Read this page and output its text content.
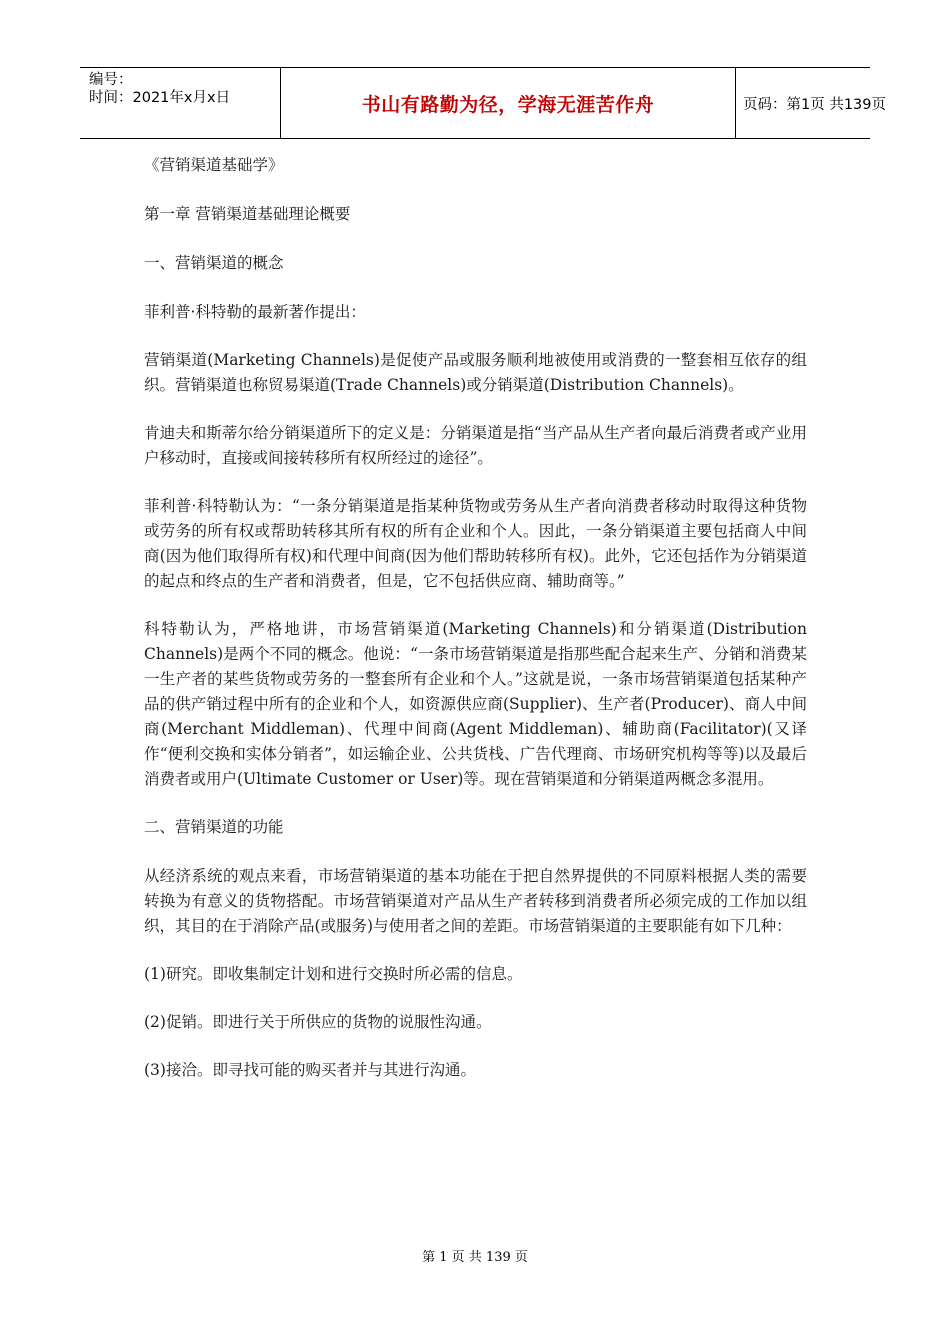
编号：
时间：2021年x月x日	书山有路勤为径，学海无涯苦作舟	页码：第1页 共139页

《营销渠道基础学》

第一章 营销渠道基础理论概要

一、营销渠道的概念

菲利普·科特勒的最新著作提出：

营销渠道(Marketing Channels)是促使产品或服务顺利地被使用或消费的一整套相互依存的组织。营销渠道也称贸易渠道(Trade Channels)或分销渠道(Distribution Channels)。

肯迪夫和斯蒂尔给分销渠道所下的定义是：分销渠道是指“当产品从生产者向最后消费者或产业用户移动时，直接或间接转移所有权所经过的途径”。

菲利普·科特勒认为：“一条分销渠道是指某种货物或劳务从生产者向消费者移动时取得这种货物或劳务的所有权或帮助转移其所有权的所有企业和个人。因此，一条分销渠道主要包括商人中间商(因为他们取得所有权)和代理中间商(因为他们帮助转移所有权)。此外，它还包括作为分销渠道的起点和终点的生产者和消费者，但是，它不包括供应商、辅助商等。”

科特勒认为，严格地讲，市场营销渠道(Marketing Channels)和分销渠道(Distribution Channels)是两个不同的概念。他说：“一条市场营销渠道是指那些配合起来生产、分销和消费某一生产者的某些货物或劳务的一整套所有企业和个人。”这就是说，一条市场营销渠道包括某种产品的供产销过程中所有的企业和个人，如资源供应商(Supplier)、生产者(Producer)、商人中间商(Merchant Middleman)、代理中间商(Agent Middleman)、辅助商(Facilitator)(又译作“便利交换和实体分销者”，如运输企业、公共货栈、广告代理商、市场研究机构等等)以及最后消费者或用户(Ultimate Customer or User)等。现在营销渠道和分销渠道两概念多混用。

二、营销渠道的功能

从经济系统的观点来看，市场营销渠道的基本功能在于把自然界提供的不同原料根据人类的需要转换为有意义的货物搭配。市场营销渠道对产品从生产者转移到消费者所必须完成的工作加以组织，其目的在于消除产品(或服务)与使用者之间的差距。市场营销渠道的主要职能有如下几种：

(1)研究。即收集制定计划和进行交换时所必需的信息。

(2)促销。即进行关于所供应的货物的说服性沟通。

(3)接洽。即寻找可能的购买者并与其进行沟通。

第 1 页 共 139 页
